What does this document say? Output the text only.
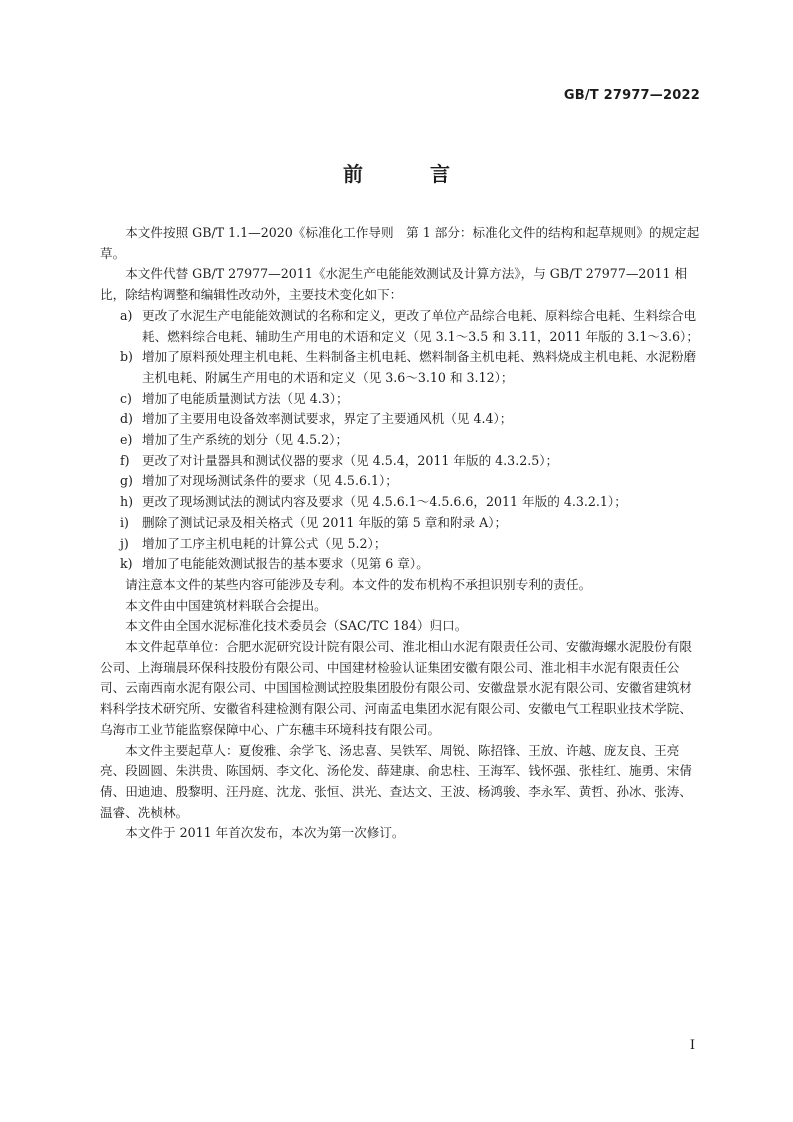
GB/T 27977—2022
前 言

本文件按照 GB/T 1.1—2020《标准化工作导则　第 1 部分：标准化文件的结构和起草规则》的规定起草。

本文件代替 GB/T 27977—2011《水泥生产电能能效测试及计算方法》，与 GB/T 27977—2011 相比，除结构调整和编辑性改动外，主要技术变化如下：

a) 更改了水泥生产电能能效测试的名称和定义，更改了单位产品综合电耗、原料综合电耗、生料综合电耗、燃料综合电耗、辅助生产用电的术语和定义（见 3.1～3.5 和 3.11，2011 年版的 3.1～3.6）；
b) 增加了原料预处理主机电耗、生料制备主机电耗、燃料制备主机电耗、熟料烧成主机电耗、水泥粉磨主机电耗、附属生产用电的术语和定义（见 3.6～3.10 和 3.12）；
c) 增加了电能质量测试方法（见 4.3）；
d) 增加了主要用电设备效率测试要求，界定了主要通风机（见 4.4）；
e) 增加了生产系统的划分（见 4.5.2）；
f) 更改了对计量器具和测试仪器的要求（见 4.5.4，2011 年版的 4.3.2.5）；
g) 增加了对现场测试条件的要求（见 4.5.6.1）；
h) 更改了现场测试法的测试内容及要求（见 4.5.6.1～4.5.6.6，2011 年版的 4.3.2.1）；
i)	删除了测试记录及相关格式（见 2011 年版的第 5 章和附录 A）；
j)	增加了工序主机电耗的计算公式（见 5.2）；
k) 增加了电能能效测试报告的基本要求（见第 6 章）。

请注意本文件的某些内容可能涉及专利。本文件的发布机构不承担识别专利的责任。

本文件由中国建筑材料联合会提出。

本文件由全国水泥标准化技术委员会（SAC/TC 184）归口。

本文件起草单位：合肥水泥研究设计院有限公司、淮北相山水泥有限责任公司、安徽海螺水泥股份有限公司、上海瑞晨环保科技股份有限公司、中国建材检验认证集团安徽有限公司、淮北相丰水泥有限责任公司、云南西南水泥有限公司、中国国检测试控股集团股份有限公司、安徽盘景水泥有限公司、安徽省建筑材料科学技术研究所、安徽省科建检测有限公司、河南孟电集团水泥有限公司、安徽电气工程职业技术学院、乌海市工业节能监察保障中心、广东穗丰环境科技有限公司。

本文件主要起草人：夏俊雅、余学飞、汤忠喜、吴铁军、周锐、陈招锋、王放、许越、庞友良、王亮亮、段圆圆、朱洪贵、陈国炳、李文化、汤伦发、薛建康、俞忠柱、王海军、钱怀强、张桂红、施勇、宋倩倩、田迪迪、殷黎明、汪丹庭、沈龙、张恒、洪光、查达文、王波、杨鸿骏、李永军、黄哲、孙冰、张涛、温睿、冼桢林。

本文件于 2011 年首次发布，本次为第一次修订。

I
